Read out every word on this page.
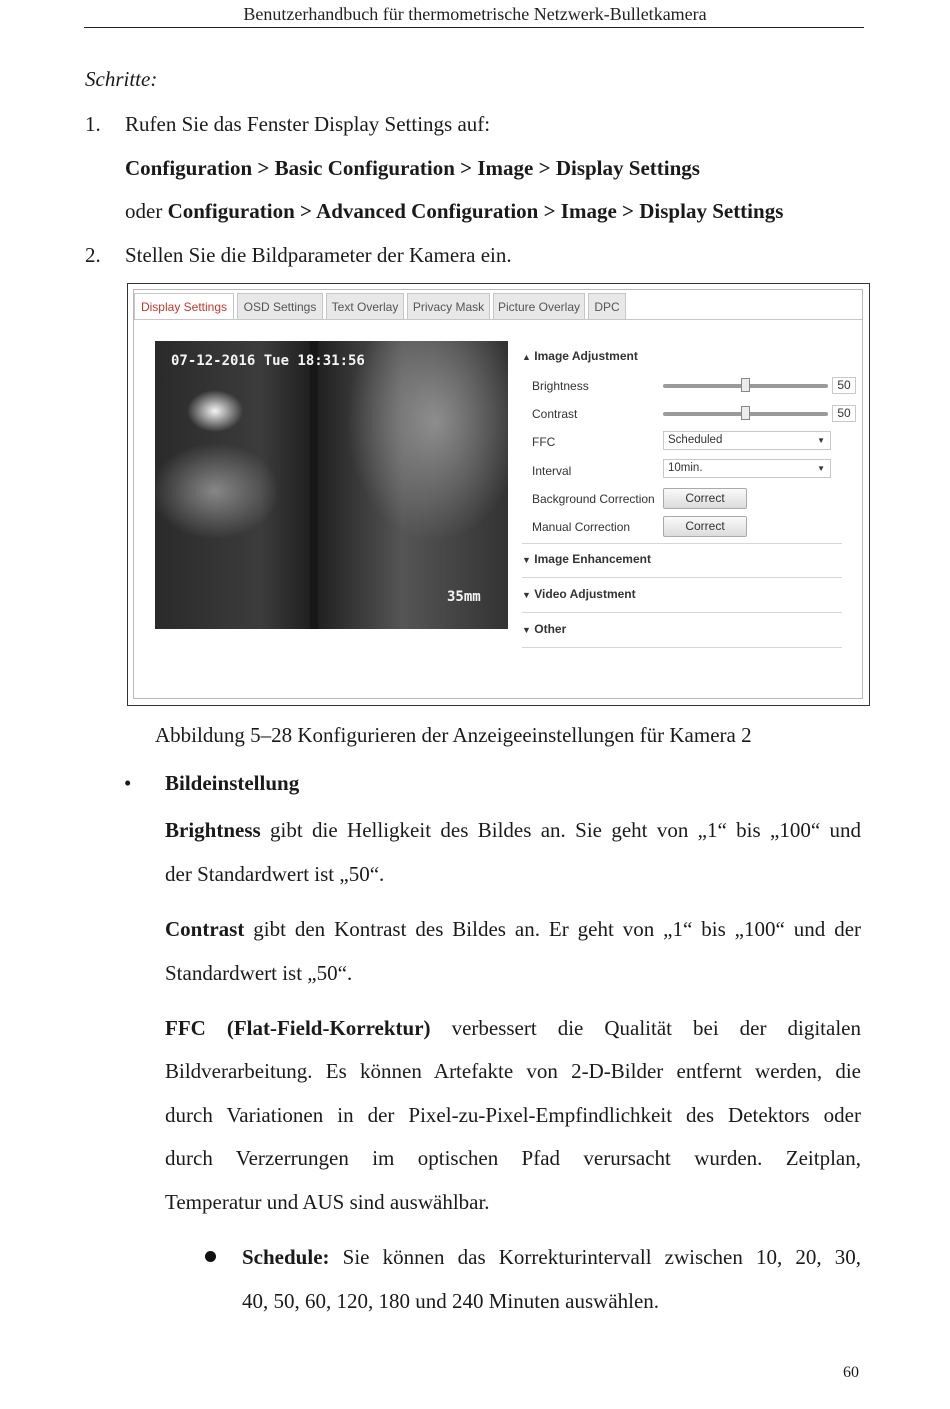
Benutzerhandbuch für thermometrische Netzwerk-Bulletkamera
Schritte:
1. Rufen Sie das Fenster Display Settings auf:
Configuration > Basic Configuration > Image > Display Settings
oder Configuration > Advanced Configuration > Image > Display Settings
2. Stellen Sie die Bildparameter der Kamera ein.
Display Settings	OSD Settings	Text Overlay	Privacy Mask	Picture Overlay	DPC
07-12-2016 Tue 18:31:56
35mm
▲ Image Adjustment
Brightness	50
Contrast	50
FFC	Scheduled	▼
Interval	10min.	▼
Background Correction	Correct
Manual Correction	Correct
▼ Image Enhancement
▼ Video Adjustment
▼ Other
Abbildung 5–28 Konfigurieren der Anzeigeeinstellungen für Kamera 2
• Bildeinstellung
Brightness gibt die Helligkeit des Bildes an. Sie geht von „1“ bis „100“ und
der Standardwert ist „50“.
Contrast gibt den Kontrast des Bildes an. Er geht von „1“ bis „100“ und der
Standardwert ist „50“.
FFC (Flat-Field-Korrektur) verbessert die Qualität bei der digitalen
Bildverarbeitung. Es können Artefakte von 2-D-Bilder entfernt werden, die
durch Variationen in der Pixel-zu-Pixel-Empfindlichkeit des Detektors oder
durch Verzerrungen im optischen Pfad verursacht wurden. Zeitplan,
Temperatur und AUS sind auswählbar.
Schedule: Sie können das Korrekturintervall zwischen 10, 20, 30,
40, 50, 60, 120, 180 und 240 Minuten auswählen.
60
